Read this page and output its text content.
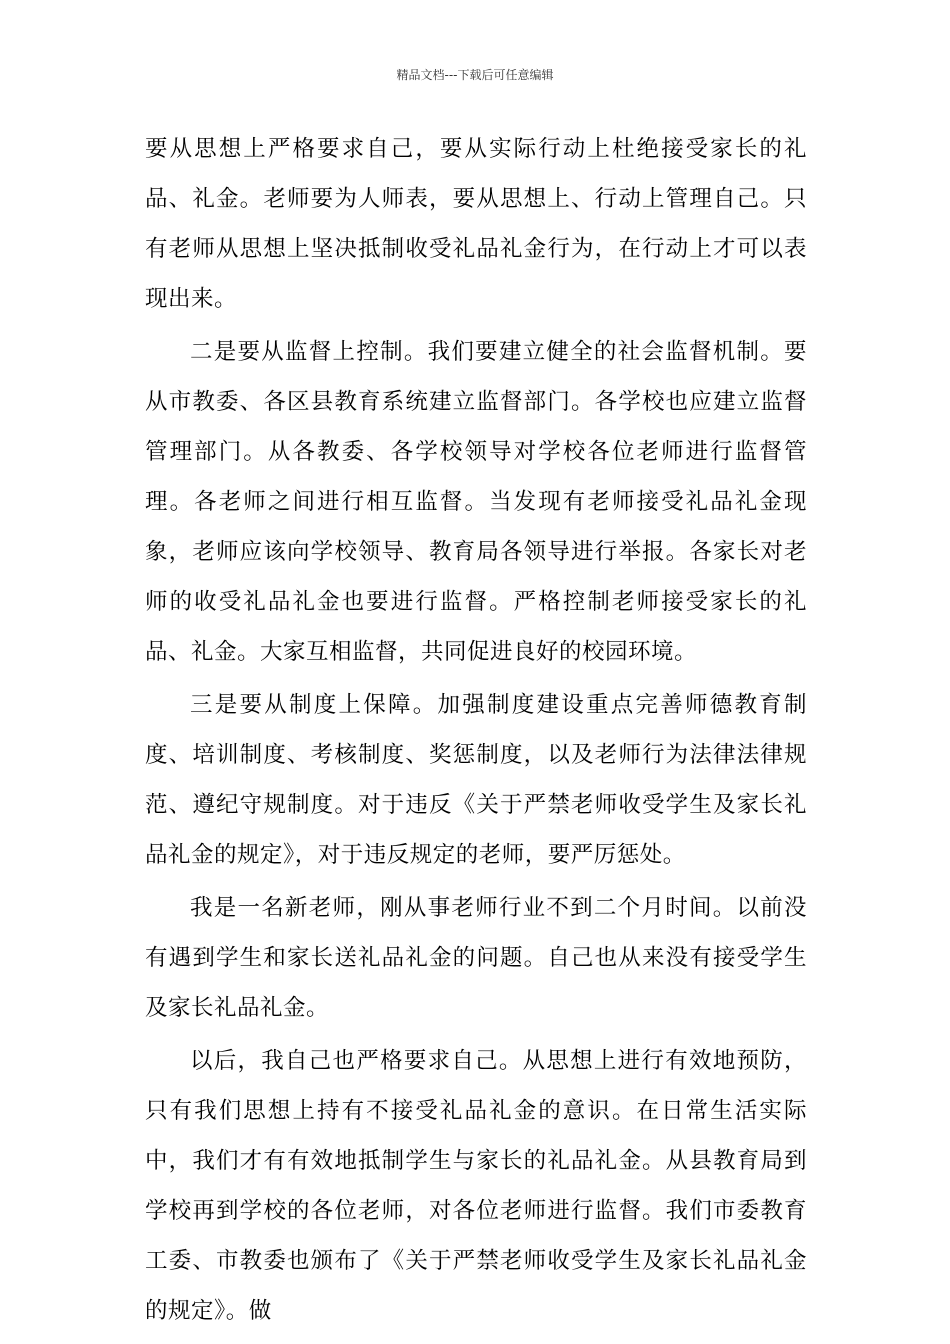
精品文档---下载后可任意编辑

要从思想上严格要求自己，要从实际行动上杜绝接受家长的礼品、礼金。老师要为人师表，要从思想上、行动上管理自己。只有老师从思想上坚决抵制收受礼品礼金行为，在行动上才可以表现出来。

二是要从监督上控制。我们要建立健全的社会监督机制。要从市教委、各区县教育系统建立监督部门。各学校也应建立监督管理部门。从各教委、各学校领导对学校各位老师进行监督管理。各老师之间进行相互监督。当发现有老师接受礼品礼金现象，老师应该向学校领导、教育局各领导进行举报。各家长对老师的收受礼品礼金也要进行监督。严格控制老师接受家长的礼品、礼金。大家互相监督，共同促进良好的校园环境。

三是要从制度上保障。加强制度建设重点完善师德教育制度、培训制度、考核制度、奖惩制度，以及老师行为法律法律规范、遵纪守规制度。对于违反《关于严禁老师收受学生及家长礼品礼金的规定》，对于违反规定的老师，要严厉惩处。

我是一名新老师，刚从事老师行业不到二个月时间。以前没有遇到学生和家长送礼品礼金的问题。自己也从来没有接受学生及家长礼品礼金。

以后，我自己也严格要求自己。从思想上进行有效地预防，只有我们思想上持有不接受礼品礼金的意识。在日常生活实际中，我们才有有效地抵制学生与家长的礼品礼金。从县教育局到学校再到学校的各位老师，对各位老师进行监督。我们市委教育工委、市教委也颁布了《关于严禁老师收受学生及家长礼品礼金的规定》。做
